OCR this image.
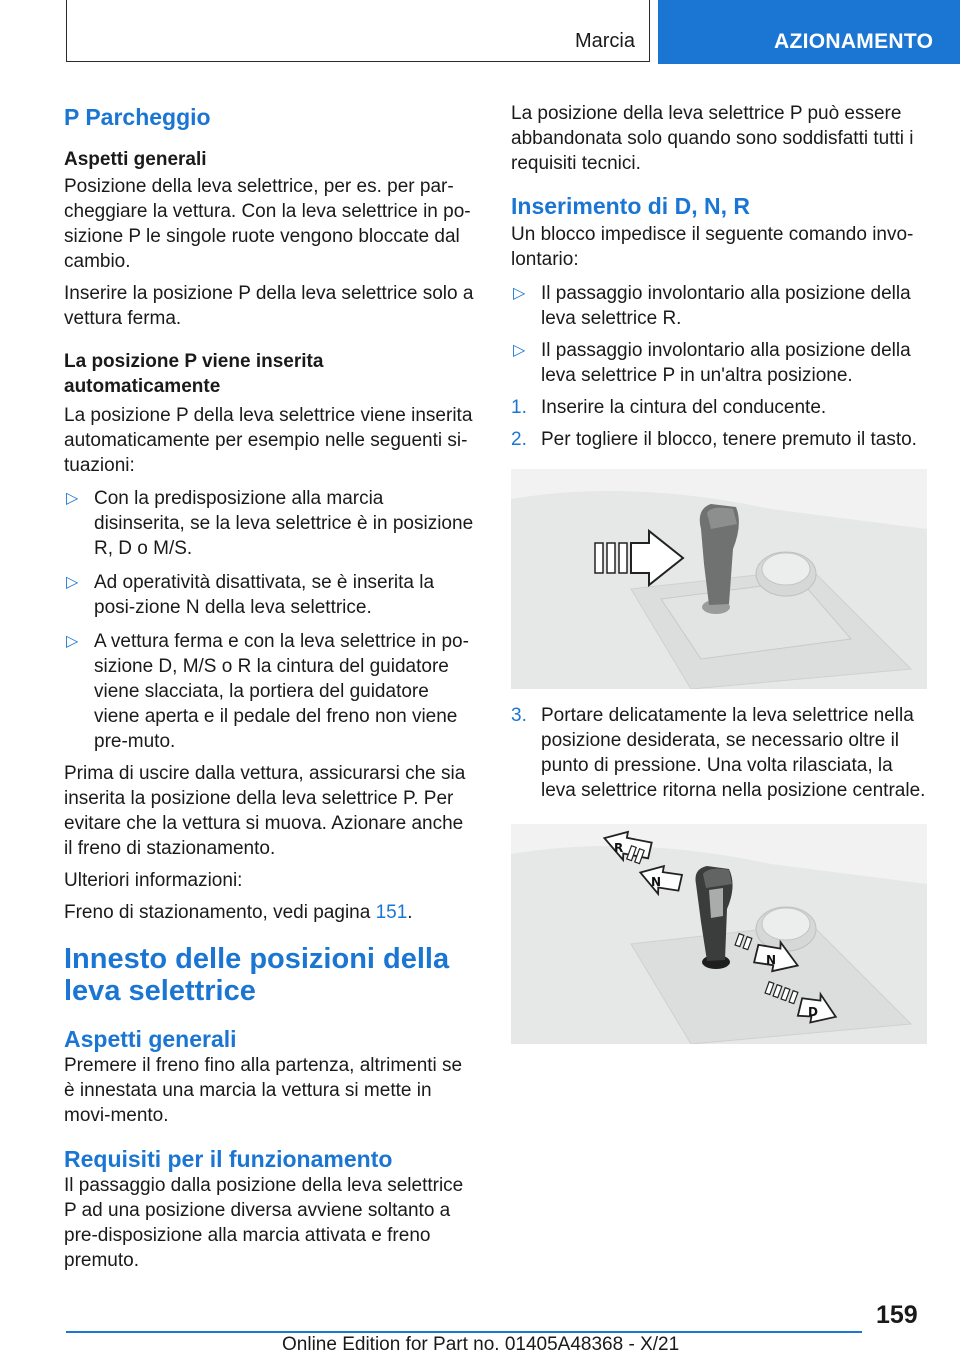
Marcia	AZIONAMENTO
P Parcheggio
Aspetti generali

Posizione della leva selettrice, per es. per par-cheggiare la vettura. Con la leva selettrice in po-sizione P le singole ruote vengono bloccate dal cambio.

Inserire la posizione P della leva selettrice solo a vettura ferma.

La posizione P viene inserita automaticamente

La posizione P della leva selettrice viene inserita automaticamente per esempio nelle seguenti si-tuazioni:

▷ Con la predisposizione alla marcia disinserita, se la leva selettrice è in posizione R, D o M/S.
▷ Ad operatività disattivata, se è inserita la posi-zione N della leva selettrice.
▷ A vettura ferma e con la leva selettrice in po-sizione D, M/S o R la cintura del guidatore viene slacciata, la portiera del guidatore viene aperta e il pedale del freno non viene pre-muto.

Prima di uscire dalla vettura, assicurarsi che sia inserita la posizione della leva selettrice P. Per evitare che la vettura si muova. Azionare anche il freno di stazionamento.

Ulteriori informazioni:

Freno di stazionamento, vedi pagina 151.

Innesto delle posizioni della leva selettrice
Aspetti generali

Premere il freno fino alla partenza, altrimenti se è innestata una marcia la vettura si mette in movi-mento.

Requisiti per il funzionamento

Il passaggio dalla posizione della leva selettrice P ad una posizione diversa avviene soltanto a pre-disposizione alla marcia attivata e freno premuto.

La posizione della leva selettrice P può essere abbandonata solo quando sono soddisfatti tutti i requisiti tecnici.

Inserimento di D, N, R

Un blocco impedisce il seguente comando invo-lontario:

▷ Il passaggio involontario alla posizione della leva selettrice R.
▷ Il passaggio involontario alla posizione della leva selettrice P in un'altra posizione.
1. Inserire la cintura del conducente.
2. Per togliere il blocco, tenere premuto il tasto.
3. Portare delicatamente la leva selettrice nella posizione desiderata, se necessario oltre il punto di pressione. Una volta rilasciata, la leva selettrice ritorna nella posizione centrale.
R
N
N
D
159
Online Edition for Part no. 01405A48368 - X/21
